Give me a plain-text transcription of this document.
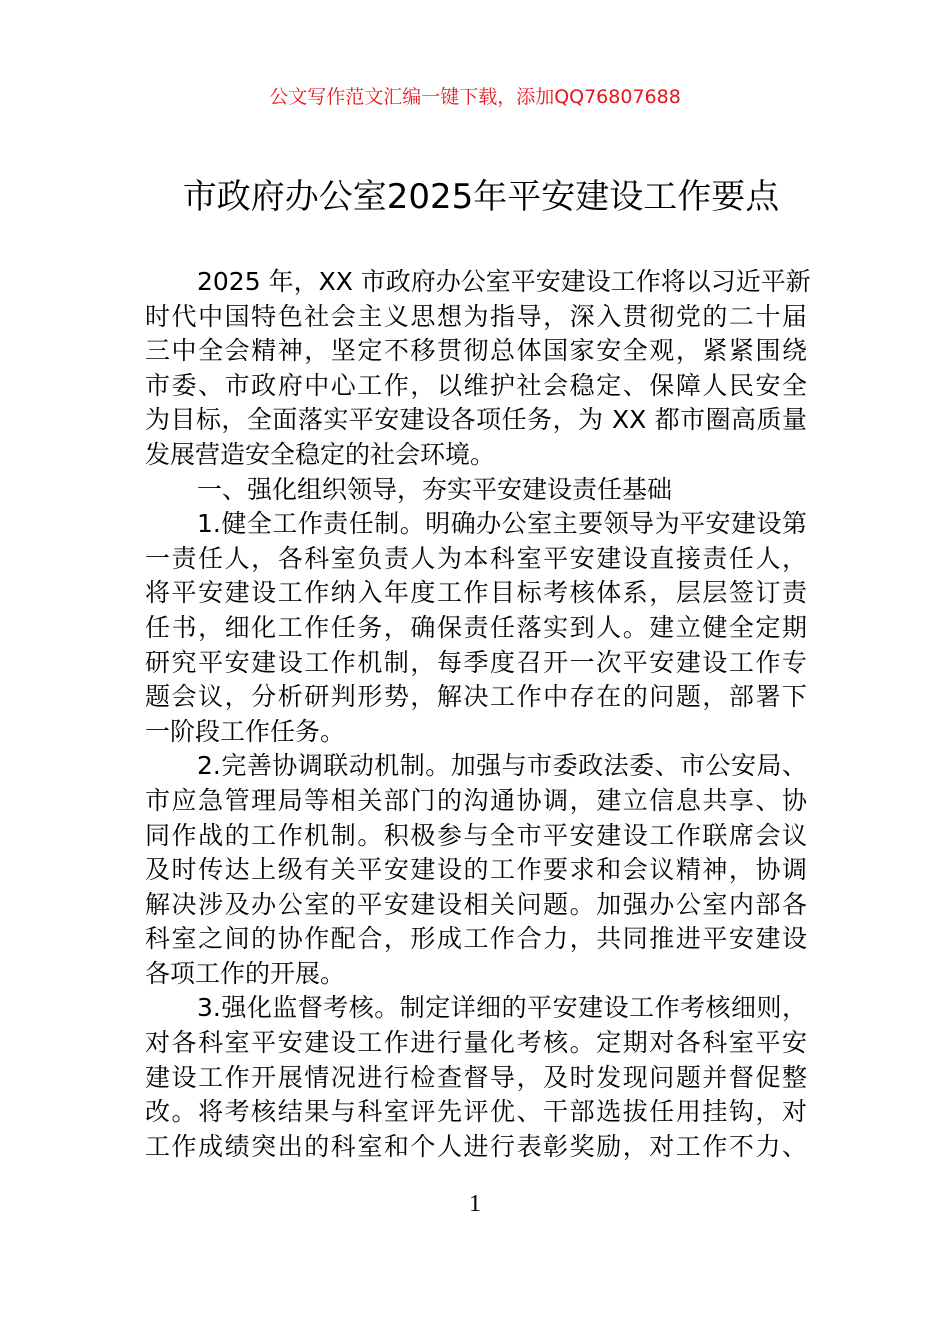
公文写作范文汇编一键下载，添加QQ76807688
市政府办公室2025年平安建设工作要点
2025 年，XX 市政府办公室平安建设工作将以习近平新
时代中国特色社会主义思想为指导，深入贯彻党的二十届
三中全会精神，坚定不移贯彻总体国家安全观，紧紧围绕
市委、市政府中心工作，以维护社会稳定、保障人民安全
为目标，全面落实平安建设各项任务，为 XX 都市圈高质量
发展营造安全稳定的社会环境。
一、强化组织领导，夯实平安建设责任基础
1.健全工作责任制。明确办公室主要领导为平安建设第
一责任人，各科室负责人为本科室平安建设直接责任人，
将平安建设工作纳入年度工作目标考核体系，层层签订责
任书，细化工作任务，确保责任落实到人。建立健全定期
研究平安建设工作机制，每季度召开一次平安建设工作专
题会议，分析研判形势，解决工作中存在的问题，部署下
一阶段工作任务。
2.完善协调联动机制。加强与市委政法委、市公安局、
市应急管理局等相关部门的沟通协调，建立信息共享、协
同作战的工作机制。积极参与全市平安建设工作联席会议
及时传达上级有关平安建设的工作要求和会议精神，协调
解决涉及办公室的平安建设相关问题。加强办公室内部各
科室之间的协作配合，形成工作合力，共同推进平安建设
各项工作的开展。
3.强化监督考核。制定详细的平安建设工作考核细则，
对各科室平安建设工作进行量化考核。定期对各科室平安
建设工作开展情况进行检查督导，及时发现问题并督促整
改。将考核结果与科室评先评优、干部选拔任用挂钩，对
工作成绩突出的科室和个人进行表彰奖励，对工作不力、
1
